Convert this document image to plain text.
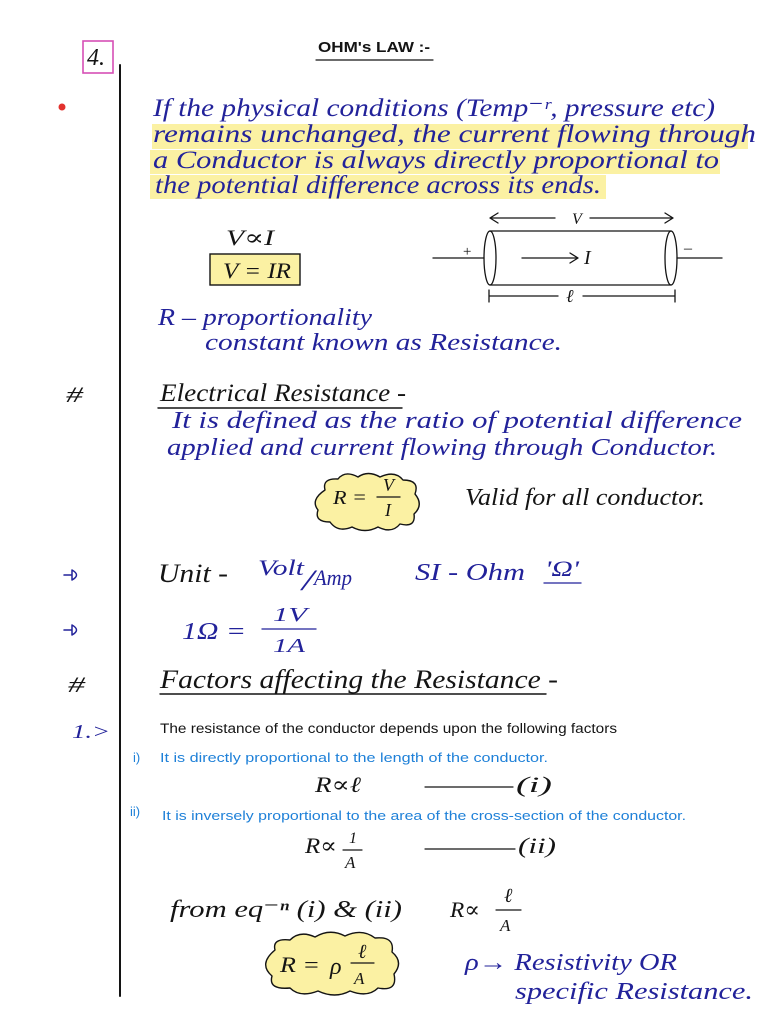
4.	OHM's LAW :-
If the physical conditions (Temp⁻ʳ, pressure etc)
remains unchanged, the current flowing through
a Conductor is always directly proportional to
the potential difference across its ends.
V∝I
V = IR
V
+	I	–
ℓ
R – proportionality
constant known as Resistance.
#	Electrical Resistance -
It is defined as the ratio of potential difference
applied and current flowing through Conductor.
R =
V
I	Valid for all conductor.
Unit - Volt
/
Amp	SI - Ohm 'Ω'
1Ω =
1V
1A
#	Factors affecting the Resistance -
1.>	The resistance of the conductor depends upon the following factors
i) It is directly proportional to the length of the conductor.
R∝ℓ	(i)
ii) It is inversely proportional to the area of the cross-section of the conductor.
R∝ 1
A
(ii)
from eq⁻ⁿ (i) & (ii) R∝
ℓ
A
R = ρ
ℓ
A
ρ→ Resistivity OR
specific Resistance.
